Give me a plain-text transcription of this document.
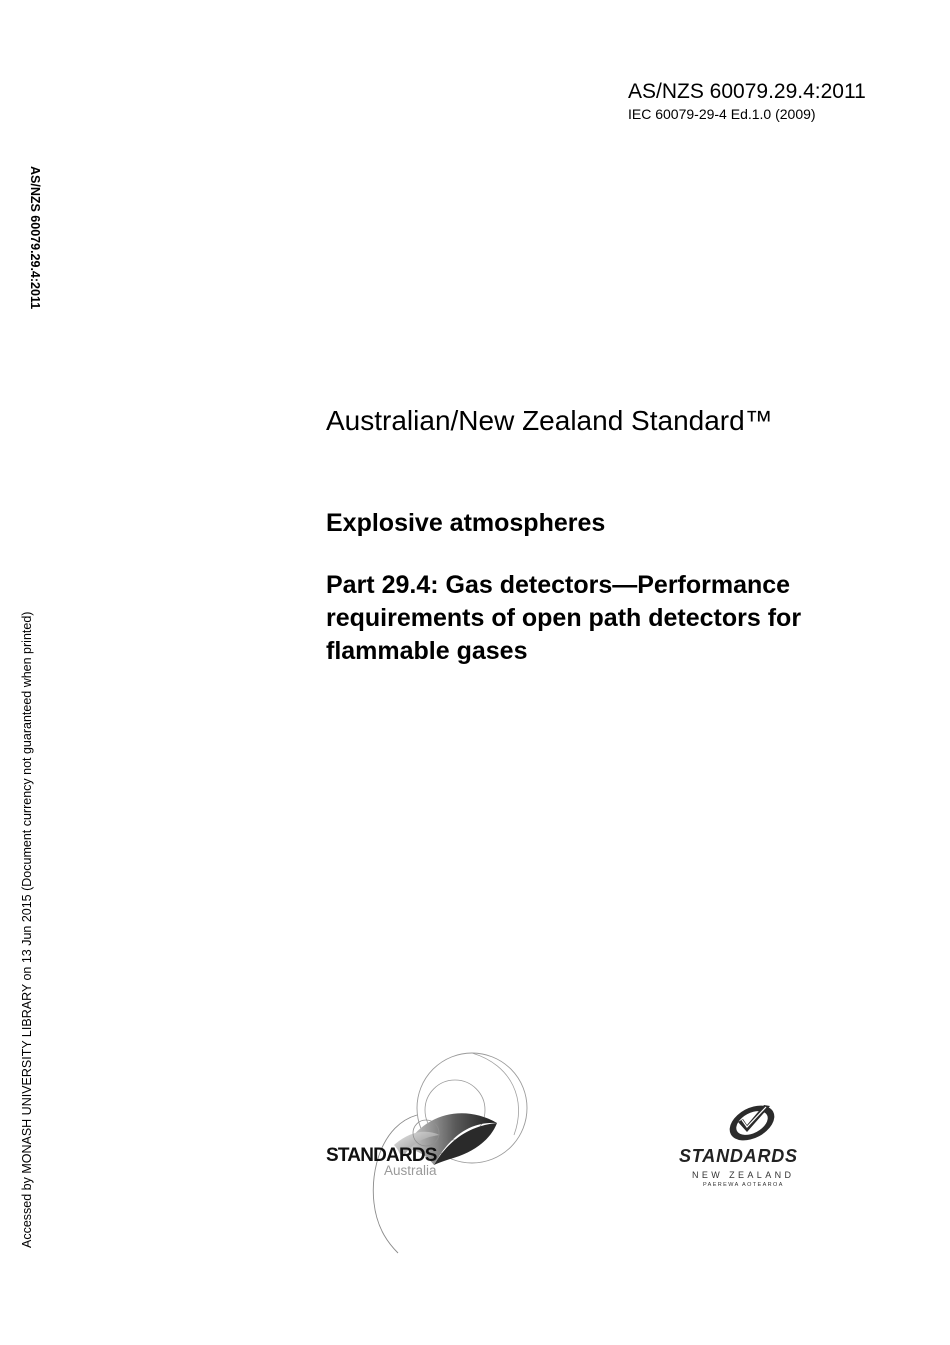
AS/NZS 60079.29.4:2011
IEC 60079-29-4 Ed.1.0 (2009)
AS/NZS 60079.29.4:2011
Accessed by MONASH UNIVERSITY LIBRARY on 13 Jun 2015 (Document currency not guaranteed when printed)
Australian/New Zealand Standard™
Explosive atmospheres
Part 29.4: Gas detectors—Performance requirements of open path detectors for flammable gases
STANDARDS
Australia
STANDARDS
NEW ZEALAND
PAEREWA AOTEAROA
